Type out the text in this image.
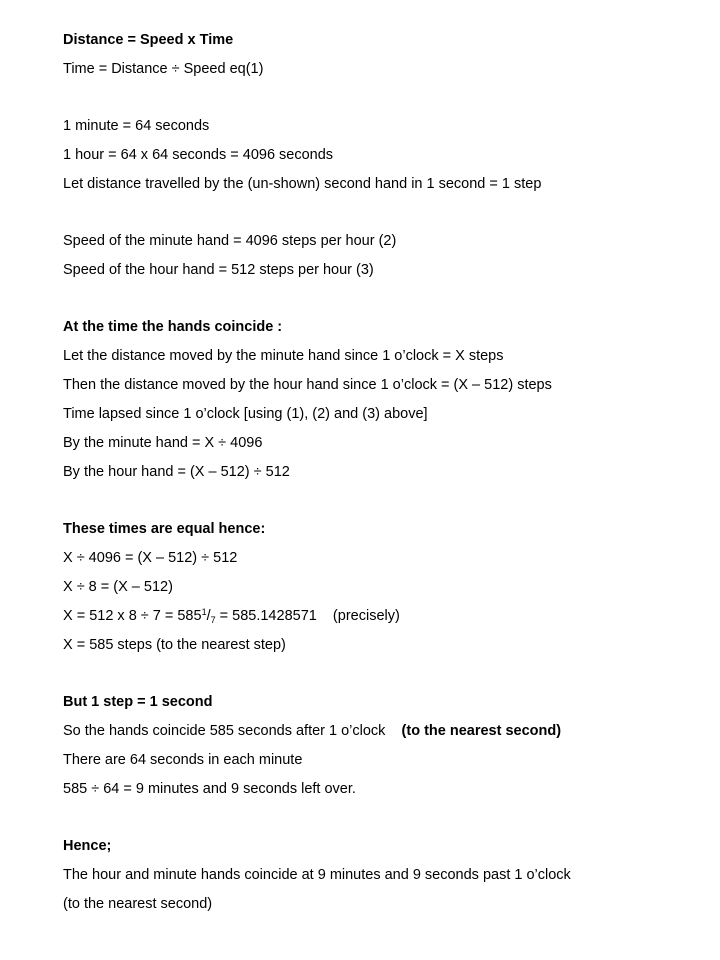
Distance = Speed x Time
Time = Distance ÷ Speed eq(1)
1 minute = 64 seconds
1 hour = 64 x 64 seconds = 4096 seconds
Let distance travelled by the (un-shown) second hand in 1 second = 1 step
Speed of the minute hand = 4096 steps per hour (2)
Speed of the hour hand = 512 steps per hour (3)
At the time the hands coincide :
Let the distance moved by the minute hand since 1 o’clock = X steps
Then the distance moved by the hour hand since 1 o’clock = (X – 512) steps
Time lapsed since 1 o’clock [using (1), (2) and (3) above]
By the minute hand = X ÷ 4096
By the hour hand = (X – 512) ÷ 512
These times are equal hence:
X ÷ 4096 = (X – 512) ÷ 512
X ÷ 8 = (X – 512)
X = 512 x $8 \div 7 = 585^1/_7 = 585.1428571$    (precisely)
X = 585 steps (to the nearest step)
But 1 step = 1 second
So the hands coincide 585 seconds after 1 o’clock    (to the nearest second)
There are 64 seconds in each minute
585 ÷ 64 = 9 minutes and 9 seconds left over.
Hence;
The hour and minute hands coincide at 9 minutes and 9 seconds past 1 o’clock
(to the nearest second)
